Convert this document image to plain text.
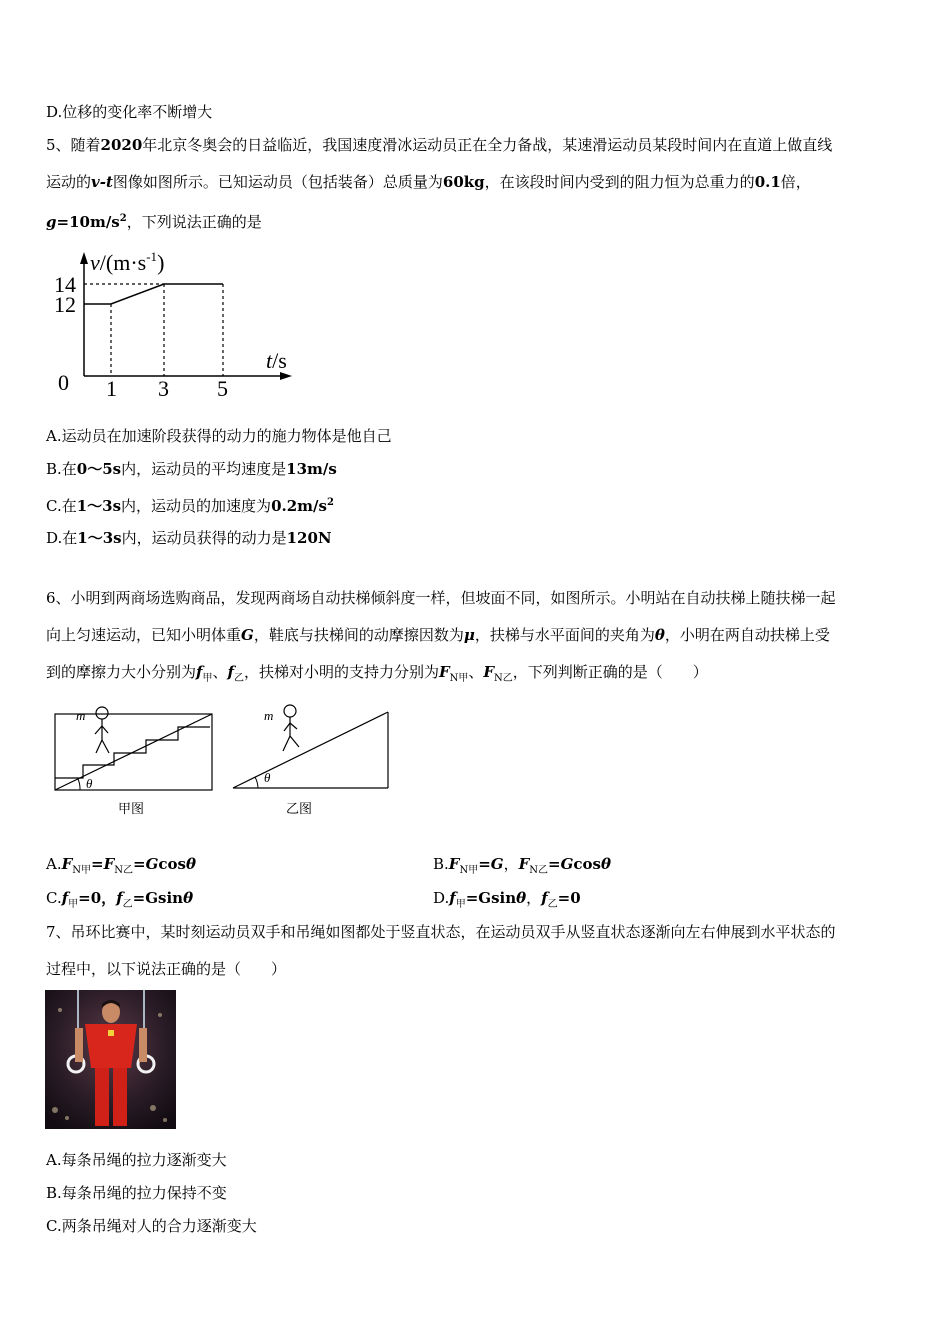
D.位移的变化率不断增大
5、随着2020年北京冬奥会的日益临近，我国速度滑冰运动员正在全力备战，某速滑运动员某段时间内在直道上做直线
运动的v-t图像如图所示。已知运动员（包括装备）总质量为60kg，在该段时间内受到的阻力恒为总重力的0.1倍，
$g=10m/s^2$，下列说法正确的是
$v/(m\cdot s^{-1})$
t/s
0
14
12
1 3 5
A.运动员在加速阶段获得的动力的施力物体是他自己
B.在0～5s内，运动员的平均速度是13m/s
C.在1～3s内，运动员的加速度为$0.2m/s^2$
D.在1～3s内，运动员获得的动力是120N
6、小明到两商场选购商品，发现两商场自动扶梯倾斜度一样，但坡面不同，如图所示。小明站在自动扶梯上随扶梯一起
向上匀速运动，已知小明体重G，鞋底与扶梯间的动摩擦因数为μ，扶梯与水平面间的夹角为θ，小明在两自动扶梯上受
到的摩擦力大小分别为$f_甲$、$f_乙$，扶梯对小明的支持力分别为$F_{N甲}$、$F_{N乙}$，下列判断正确的是（　　）
θ
m
甲图
θ
m
乙图
$A.F_{N甲}=F_{N乙}=Gcos\theta$	$B.F_{N甲}=G$，$F_{N乙}=Gcos\theta$
$C.f_甲=0$，$f_乙=Gsin\theta$	$D.f_甲=Gsin\theta$，$f_乙=0$
7、吊环比赛中，某时刻运动员双手和吊绳如图都处于竖直状态，在运动员双手从竖直状态逐渐向左右伸展到水平状态的
过程中，以下说法正确的是（　　）
A.每条吊绳的拉力逐渐变大
B.每条吊绳的拉力保持不变
C.两条吊绳对人的合力逐渐变大
